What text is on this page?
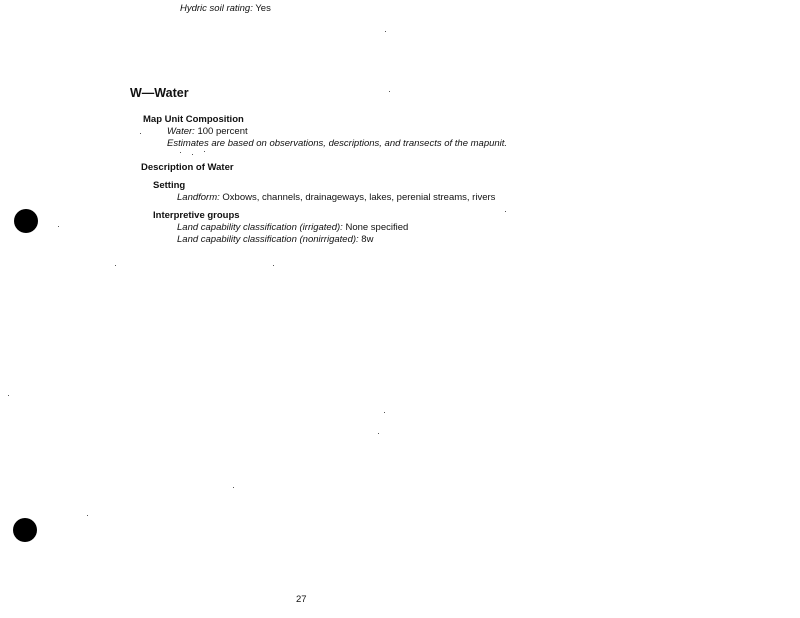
Hydric soil rating: Yes
W—Water
Map Unit Composition
Water: 100 percent
Estimates are based on observations, descriptions, and transects of the mapunit.
Description of Water
Setting
Landform: Oxbows, channels, drainageways, lakes, perenial streams, rivers
Interpretive groups
Land capability classification (irrigated): None specified
Land capability classification (nonirrigated): 8w
27
